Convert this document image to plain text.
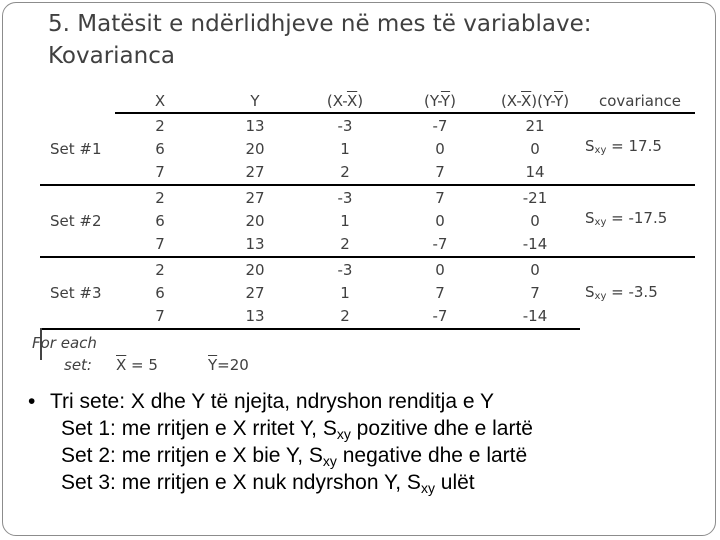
5. Matësit e ndërlidhjeve në mes të variablave:
Kovarianca
X	Y	$(X-\overline{X})$	$(Y-\overline{Y})$	$(X-\overline{X})(Y-\overline{Y})$	covariance
Set #1
2	13	-3	-7	21
6	20	1	0	0
7	27	2	7	14
$S_{xy} = 17.5$
Set #2
2	27	-3	7	-21
6	20	1	0	0
7	13	2	-7	-14
$S_{xy} = -17.5$
Set #3
2	20	-3	0	0
6	27	1	7	7
7	13	2	-7	-14
$S_{xy} = -3.5$
For each
set: $\overline{X} = 5$	$\overline{Y}=20$
• Tri sete: X dhe Y të njejta, ndryshon renditja e Y
Set 1: me rritjen e X rritet Y, $S_{xy}$ pozitive dhe e lartë
Set 2: me rritjen e X bie Y, $S_{xy}$ negative dhe e lartë
Set 3: me rritjen e X nuk ndyrshon Y, $S_{xy}$ ulët
